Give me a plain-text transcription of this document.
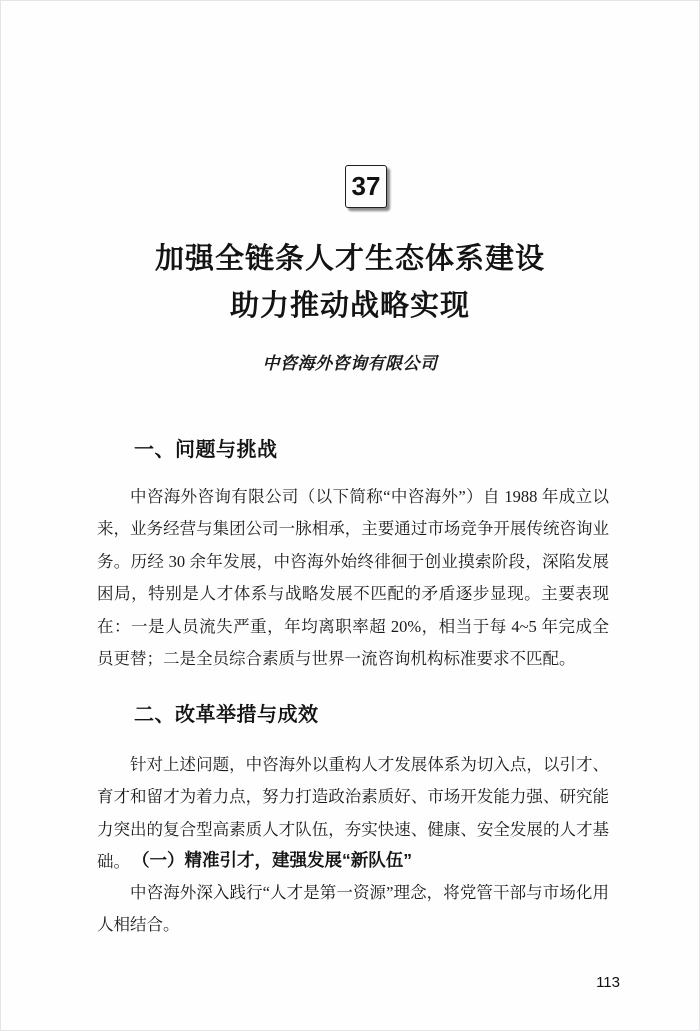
37
加强全链条人才生态体系建设
助力推动战略实现
中咨海外咨询有限公司
一、问题与挑战

中咨海外咨询有限公司（以下简称“中咨海外”）自 1988 年成立以来，业务经营与集团公司一脉相承，主要通过市场竞争开展传统咨询业务。历经 30 余年发展，中咨海外始终徘徊于创业摸索阶段，深陷发展困局，特别是人才体系与战略发展不匹配的矛盾逐步显现。主要表现在：一是人员流失严重，年均离职率超 20%，相当于每 4~5 年完成全员更替；二是全员综合素质与世界一流咨询机构标准要求不匹配。

二、改革举措与成效

针对上述问题，中咨海外以重构人才发展体系为切入点，以引才、育才和留才为着力点，努力打造政治素质好、市场开发能力强、研究能力突出的复合型高素质人才队伍，夯实快速、健康、安全发展的人才基础。 （一）精准引才，建强发展“新队伍”

中咨海外深入践行“人才是第一资源”理念，将党管干部与市场化用人相结合。

113
